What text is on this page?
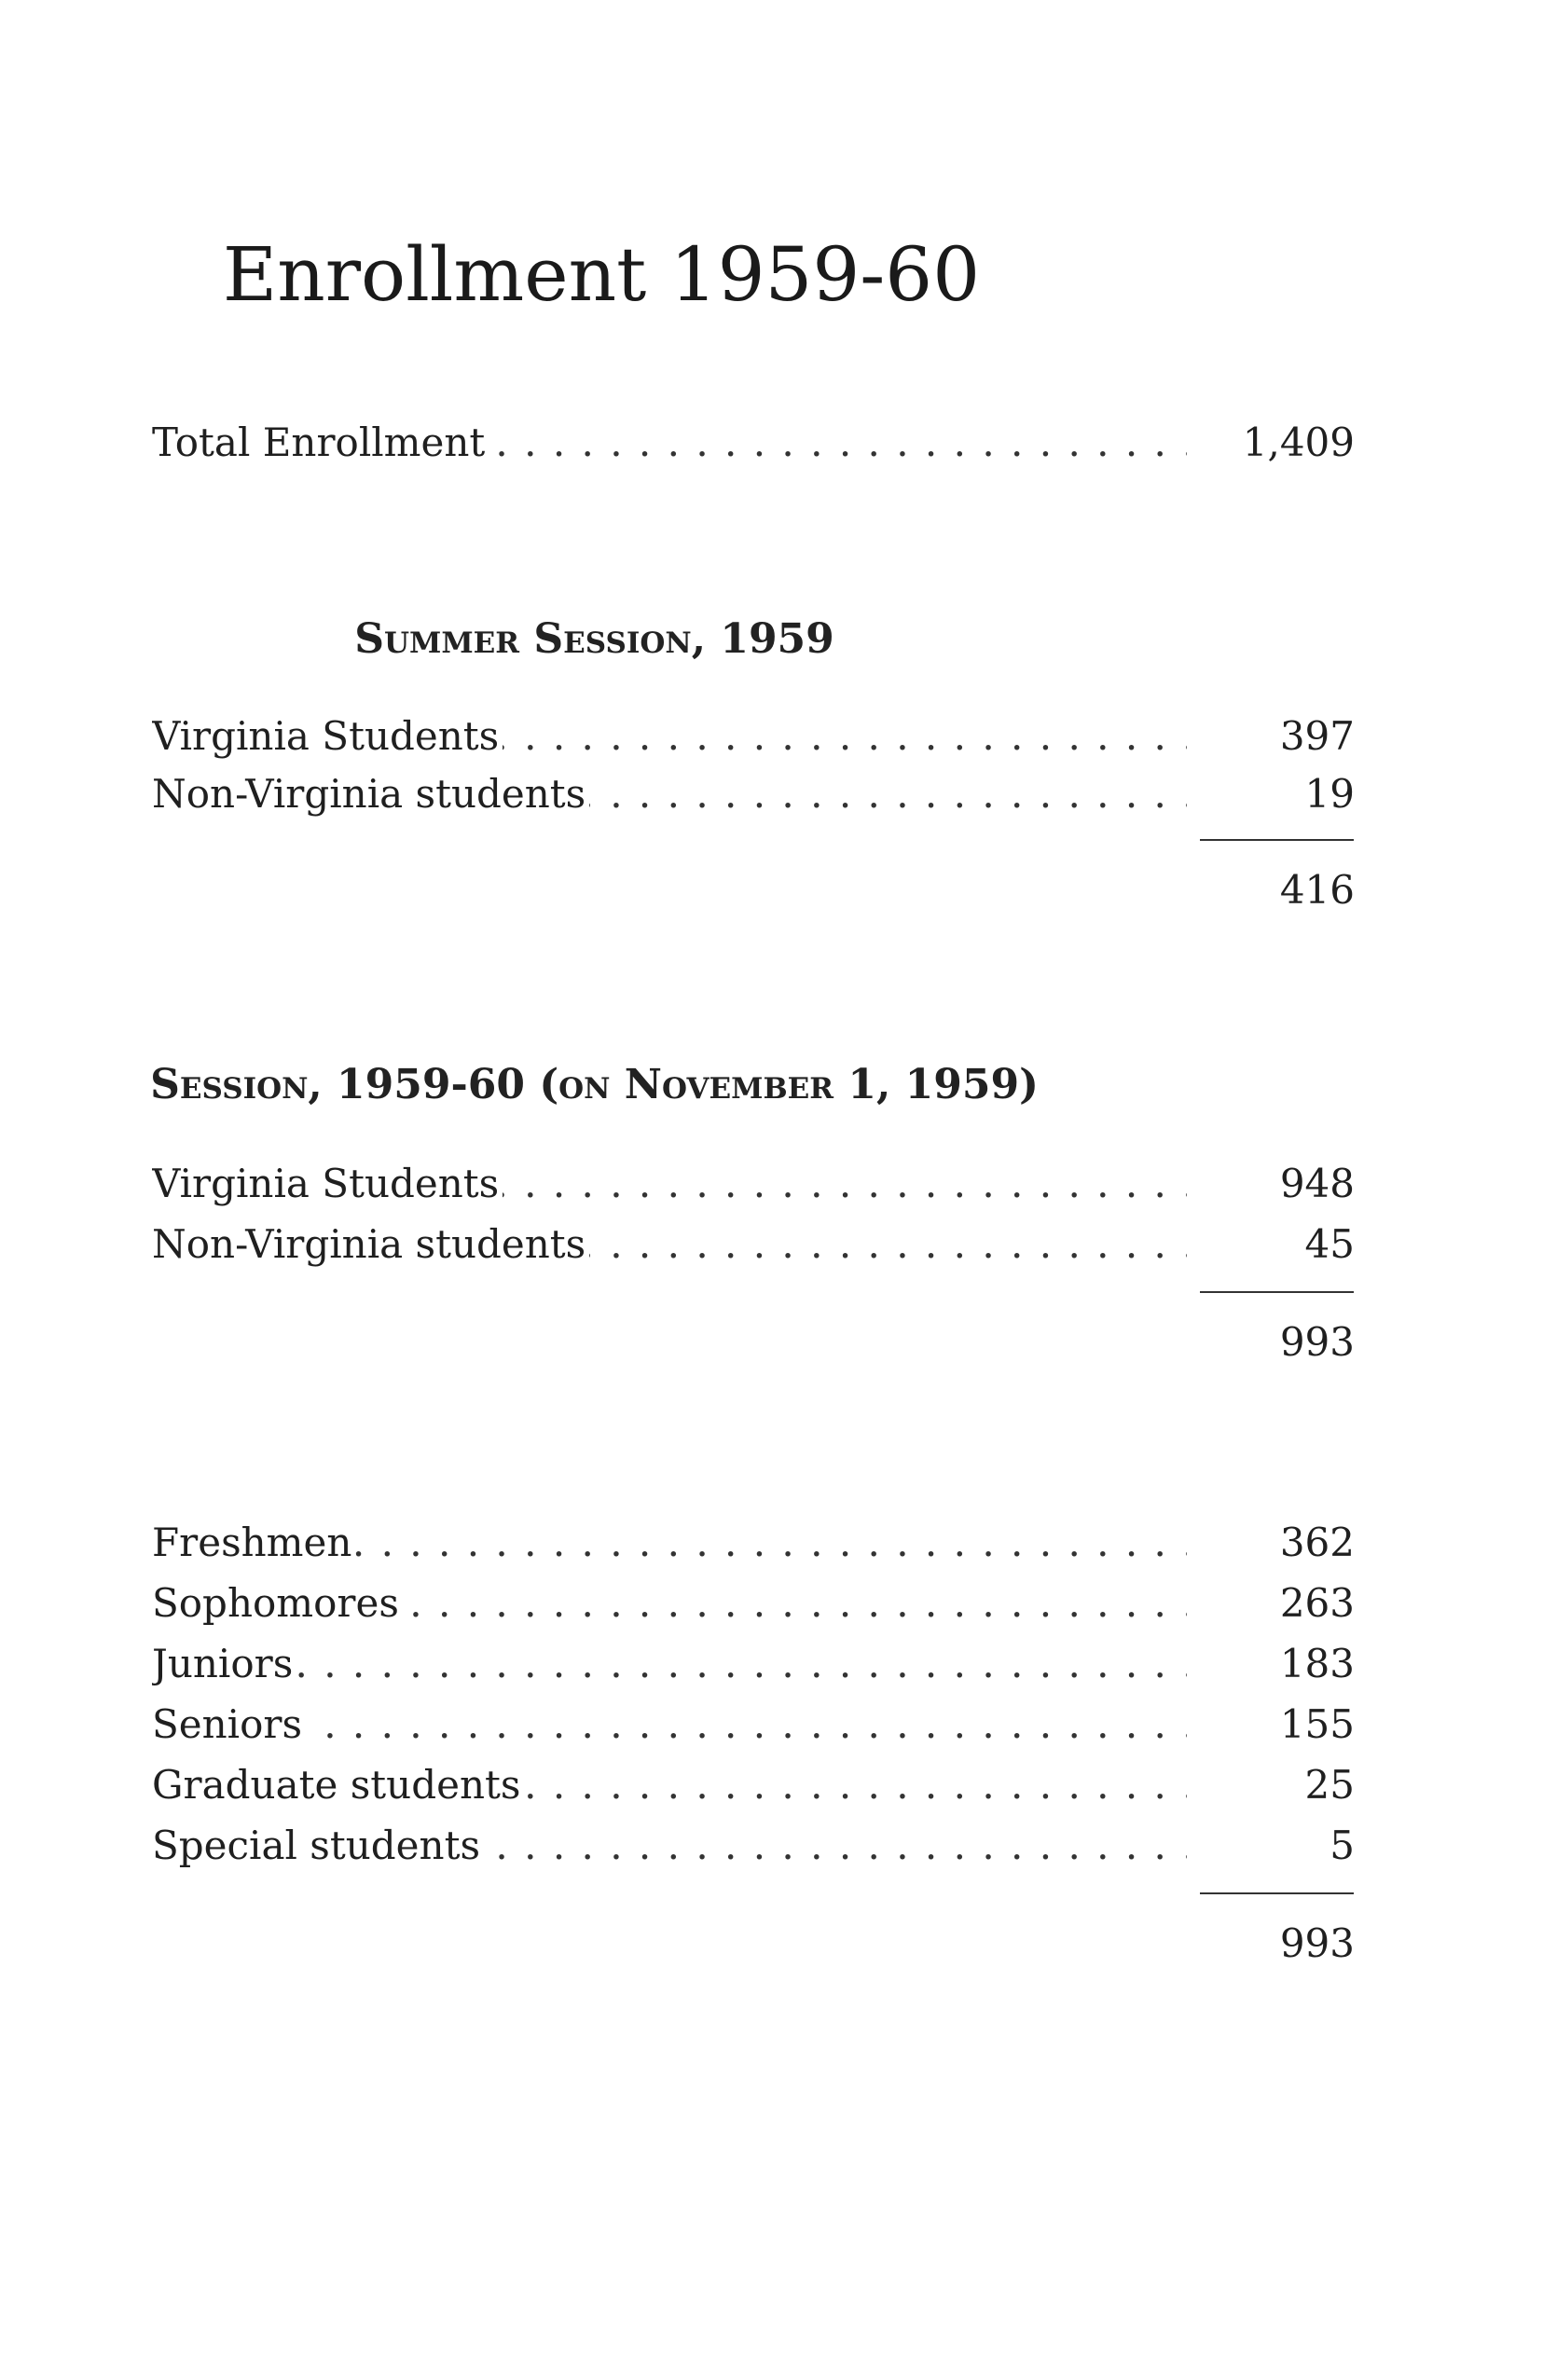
Enrollment 1959-60
Total Enrollment . . .	1,409
Summer Session, 1959
Virginia Students . . .	397
Non-Virginia students . . .	19
416
Session, 1959-60 (on November 1, 1959)
Virginia Students . . .	948
Non-Virginia students . . .	45
993
Freshmen . . .	362
Sophomores . . .	263
Juniors . . .	183
Seniors . . .	155
Graduate students . . .	25
Special students . . .	5
993
